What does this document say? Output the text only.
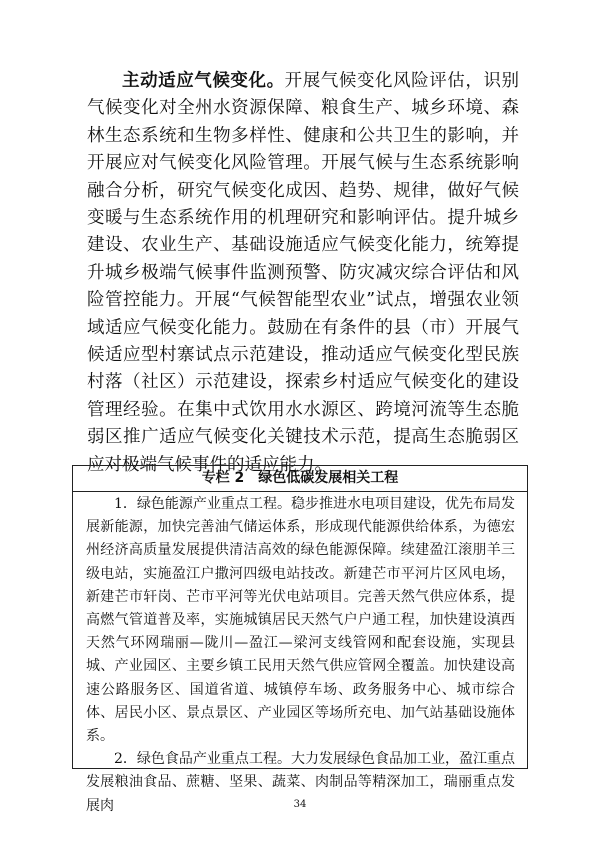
主动适应气候变化。开展气候变化风险评估，识别气候变化对全州水资源保障、粮食生产、城乡环境、森林生态系统和生物多样性、健康和公共卫生的影响，并开展应对气候变化风险管理。开展气候与生态系统影响融合分析，研究气候变化成因、趋势、规律，做好气候变暖与生态系统作用的机理研究和影响评估。提升城乡建设、农业生产、基础设施适应气候变化能力，统筹提升城乡极端气候事件监测预警、防灾减灾综合评估和风险管控能力。开展“气候智能型农业”试点，增强农业领域适应气候变化能力。鼓励在有条件的县（市）开展气候适应型村寨试点示范建设，推动适应气候变化型民族村落（社区）示范建设，探索乡村适应气候变化的建设管理经验。在集中式饮用水水源区、跨境河流等生态脆弱区推广适应气候变化关键技术示范，提高生态脆弱区应对极端气候事件的适应能力。

专栏 2　绿色低碳发展相关工程

1．绿色能源产业重点工程。稳步推进水电项目建设，优先布局发展新能源，加快完善油气储运体系，形成现代能源供给体系，为德宏州经济高质量发展提供清洁高效的绿色能源保障。续建盈江滚朋羊三级电站，实施盈江户撒河四级电站技改。新建芒市平河片区风电场，新建芒市轩岗、芒市平河等光伏电站项目。完善天然气供应体系，提高燃气管道普及率，实施城镇居民天然气户户通工程，加快建设滇西天然气环网瑞丽—陇川—盈江—梁河支线管网和配套设施，实现县城、产业园区、主要乡镇工民用天然气供应管网全覆盖。加快建设高速公路服务区、国道省道、城镇停车场、政务服务中心、城市综合体、居民小区、景点景区、产业园区等场所充电、加气站基础设施体系。

2．绿色食品产业重点工程。大力发展绿色食品加工业，盈江重点发展粮油食品、蔗糖、坚果、蔬菜、肉制品等精深加工，瑞丽重点发展肉	34
